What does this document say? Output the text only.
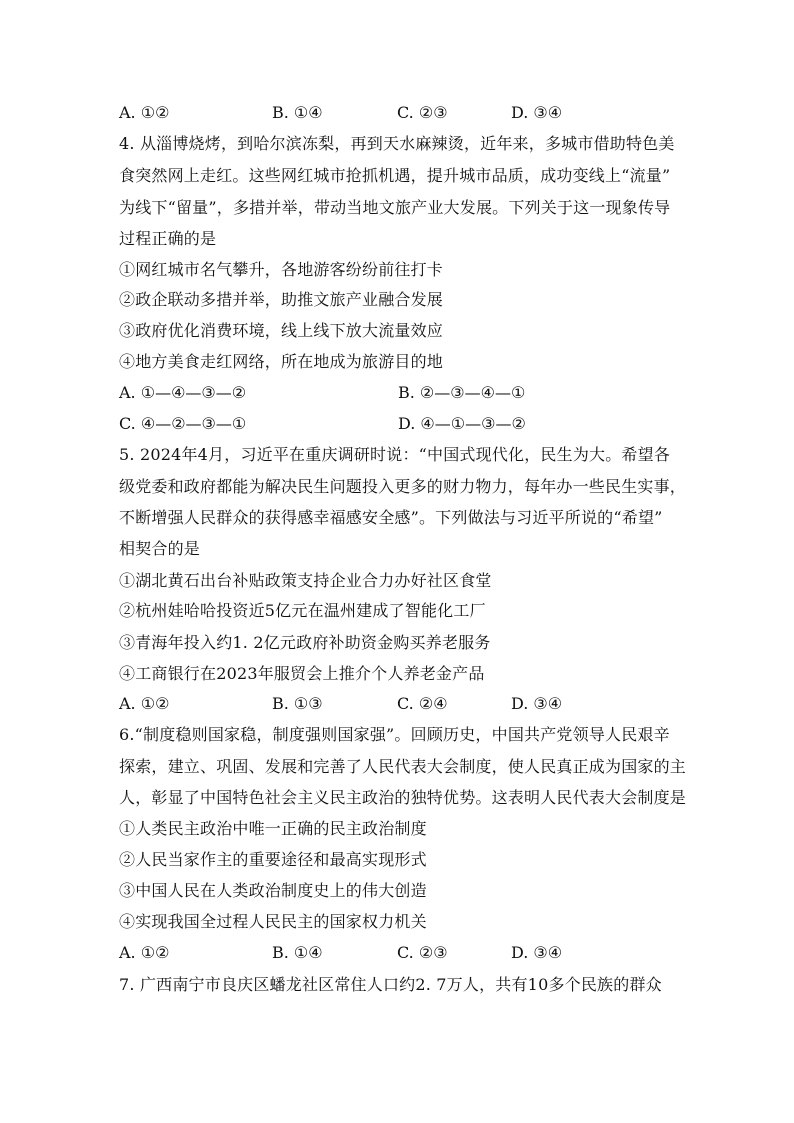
A. ①②	B. ①④	C. ②③	D. ③④
4. 从淄博烧烤，到哈尔滨冻梨，再到天水麻辣烫，近年来，多城市借助特色美
食突然网上走红。这些网红城市抢抓机遇，提升城市品质，成功变线上“流量”
为线下“留量”，多措并举，带动当地文旅产业大发展。下列关于这一现象传导
过程正确的是
①网红城市名气攀升，各地游客纷纷前往打卡
②政企联动多措并举，助推文旅产业融合发展
③政府优化消费环境，线上线下放大流量效应
④地方美食走红网络，所在地成为旅游目的地
A. ①—④—③—②	B. ②—③—④—①
C. ④—②—③—①	D. ④—①—③—②
5. 2024年4月，习近平在重庆调研时说：“中国式现代化，民生为大。希望各
级党委和政府都能为解决民生问题投入更多的财力物力，每年办一些民生实事，
不断增强人民群众的获得感幸福感安全感”。下列做法与习近平所说的“希望”
相契合的是
①湖北黄石出台补贴政策支持企业合力办好社区食堂
②杭州娃哈哈投资近5亿元在温州建成了智能化工厂
③青海年投入约1. 2亿元政府补助资金购买养老服务
④工商银行在2023年服贸会上推介个人养老金产品
A. ①②	B. ①③	C. ②④	D. ③④
6.“制度稳则国家稳，制度强则国家强”。回顾历史，中国共产党领导人民艰辛
探索，建立、巩固、发展和完善了人民代表大会制度，使人民真正成为国家的主
人，彰显了中国特色社会主义民主政治的独特优势。这表明人民代表大会制度是
①人类民主政治中唯一正确的民主政治制度
②人民当家作主的重要途径和最高实现形式
③中国人民在人类政治制度史上的伟大创造
④实现我国全过程人民民主的国家权力机关
A. ①②	B. ①④	C. ②③	D. ③④
7. 广西南宁市良庆区蟠龙社区常住人口约2. 7万人，共有10多个民族的群众
